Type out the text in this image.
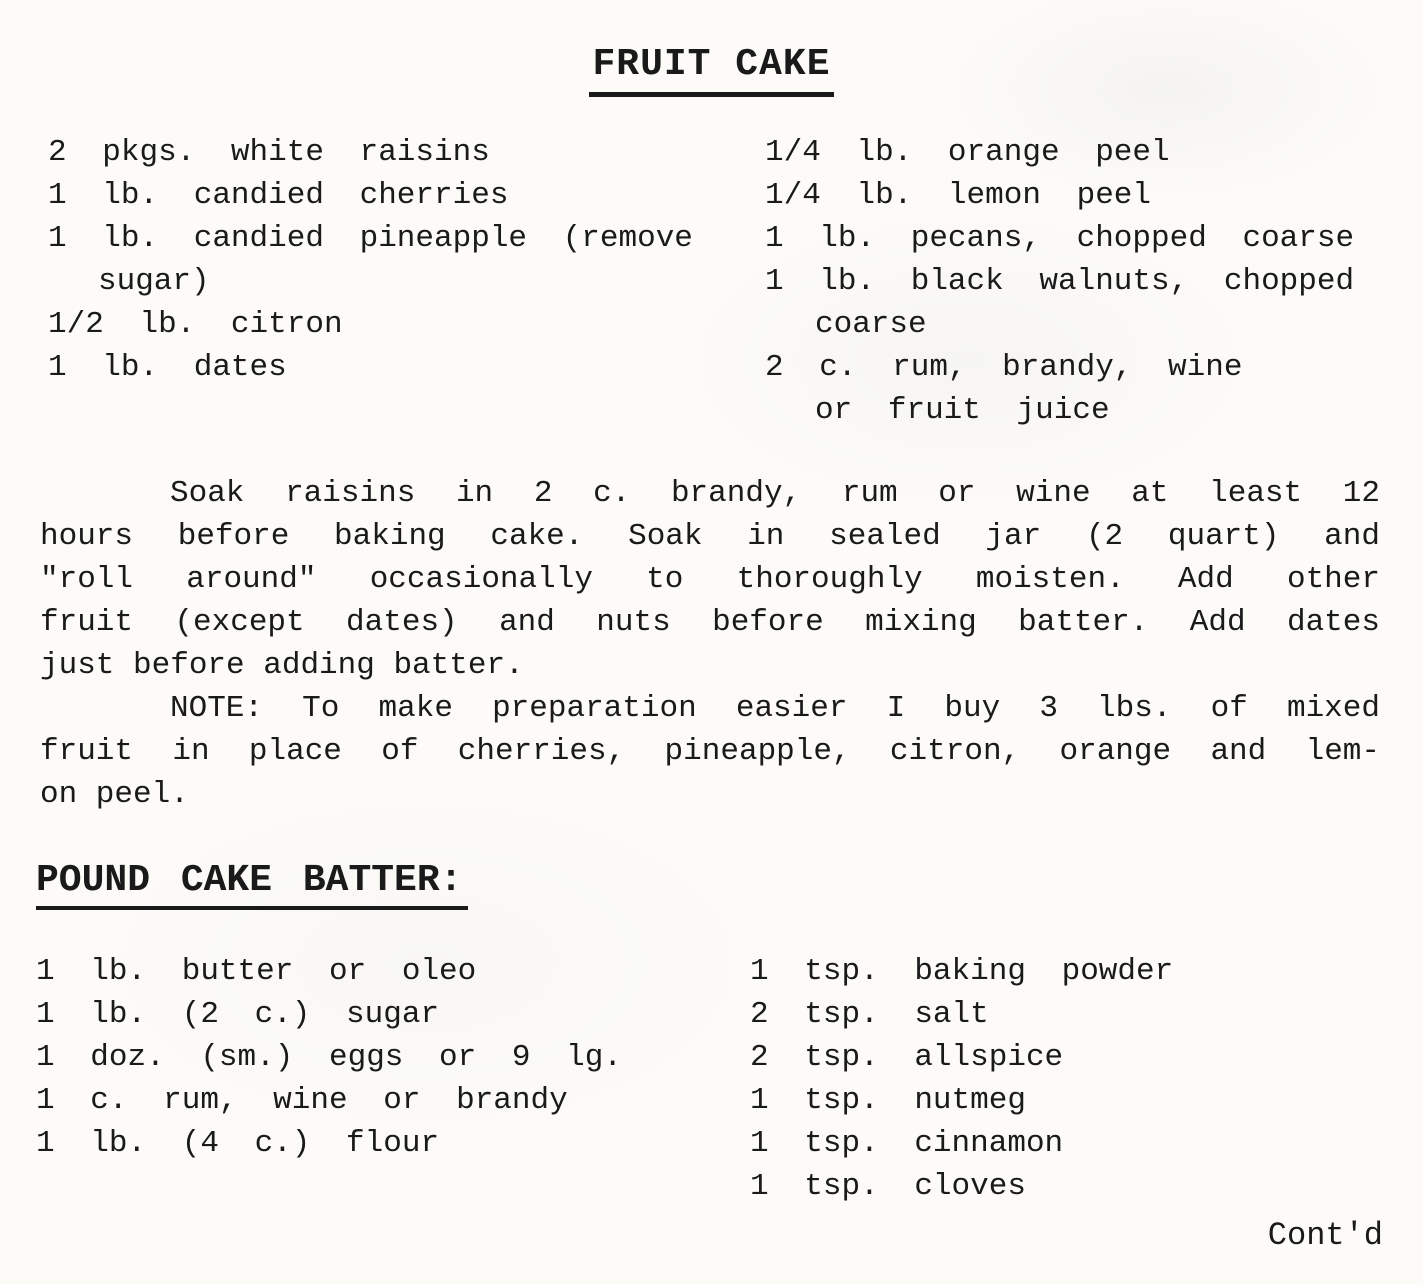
FRUIT CAKE
2 pkgs. white raisins
1 lb. candied cherries
1 lb. candied pineapple (remove
sugar)
1/2 lb. citron
1 lb. dates
1/4 lb. orange peel
1/4 lb. lemon peel
1 lb. pecans, chopped coarse
1 lb. black walnuts, chopped
coarse
2 c. rum, brandy, wine
or fruit juice
Soak raisins in 2 c. brandy, rum or wine at least 12
hours before baking cake. Soak in sealed jar (2 quart) and
"roll around" occasionally to thoroughly moisten. Add other
fruit (except dates) and nuts before mixing batter. Add dates
just before adding batter.
NOTE: To make preparation easier I buy 3 lbs. of mixed
fruit in place of cherries, pineapple, citron, orange and lem-
on peel.
POUND CAKE BATTER:
1 lb. butter or oleo
1 lb. (2 c.) sugar
1 doz. (sm.) eggs or 9 lg.
1 c. rum, wine or brandy
1 lb. (4 c.) flour
1 tsp. baking powder
2 tsp. salt
2 tsp. allspice
1 tsp. nutmeg
1 tsp. cinnamon
1 tsp. cloves
Cont'd
